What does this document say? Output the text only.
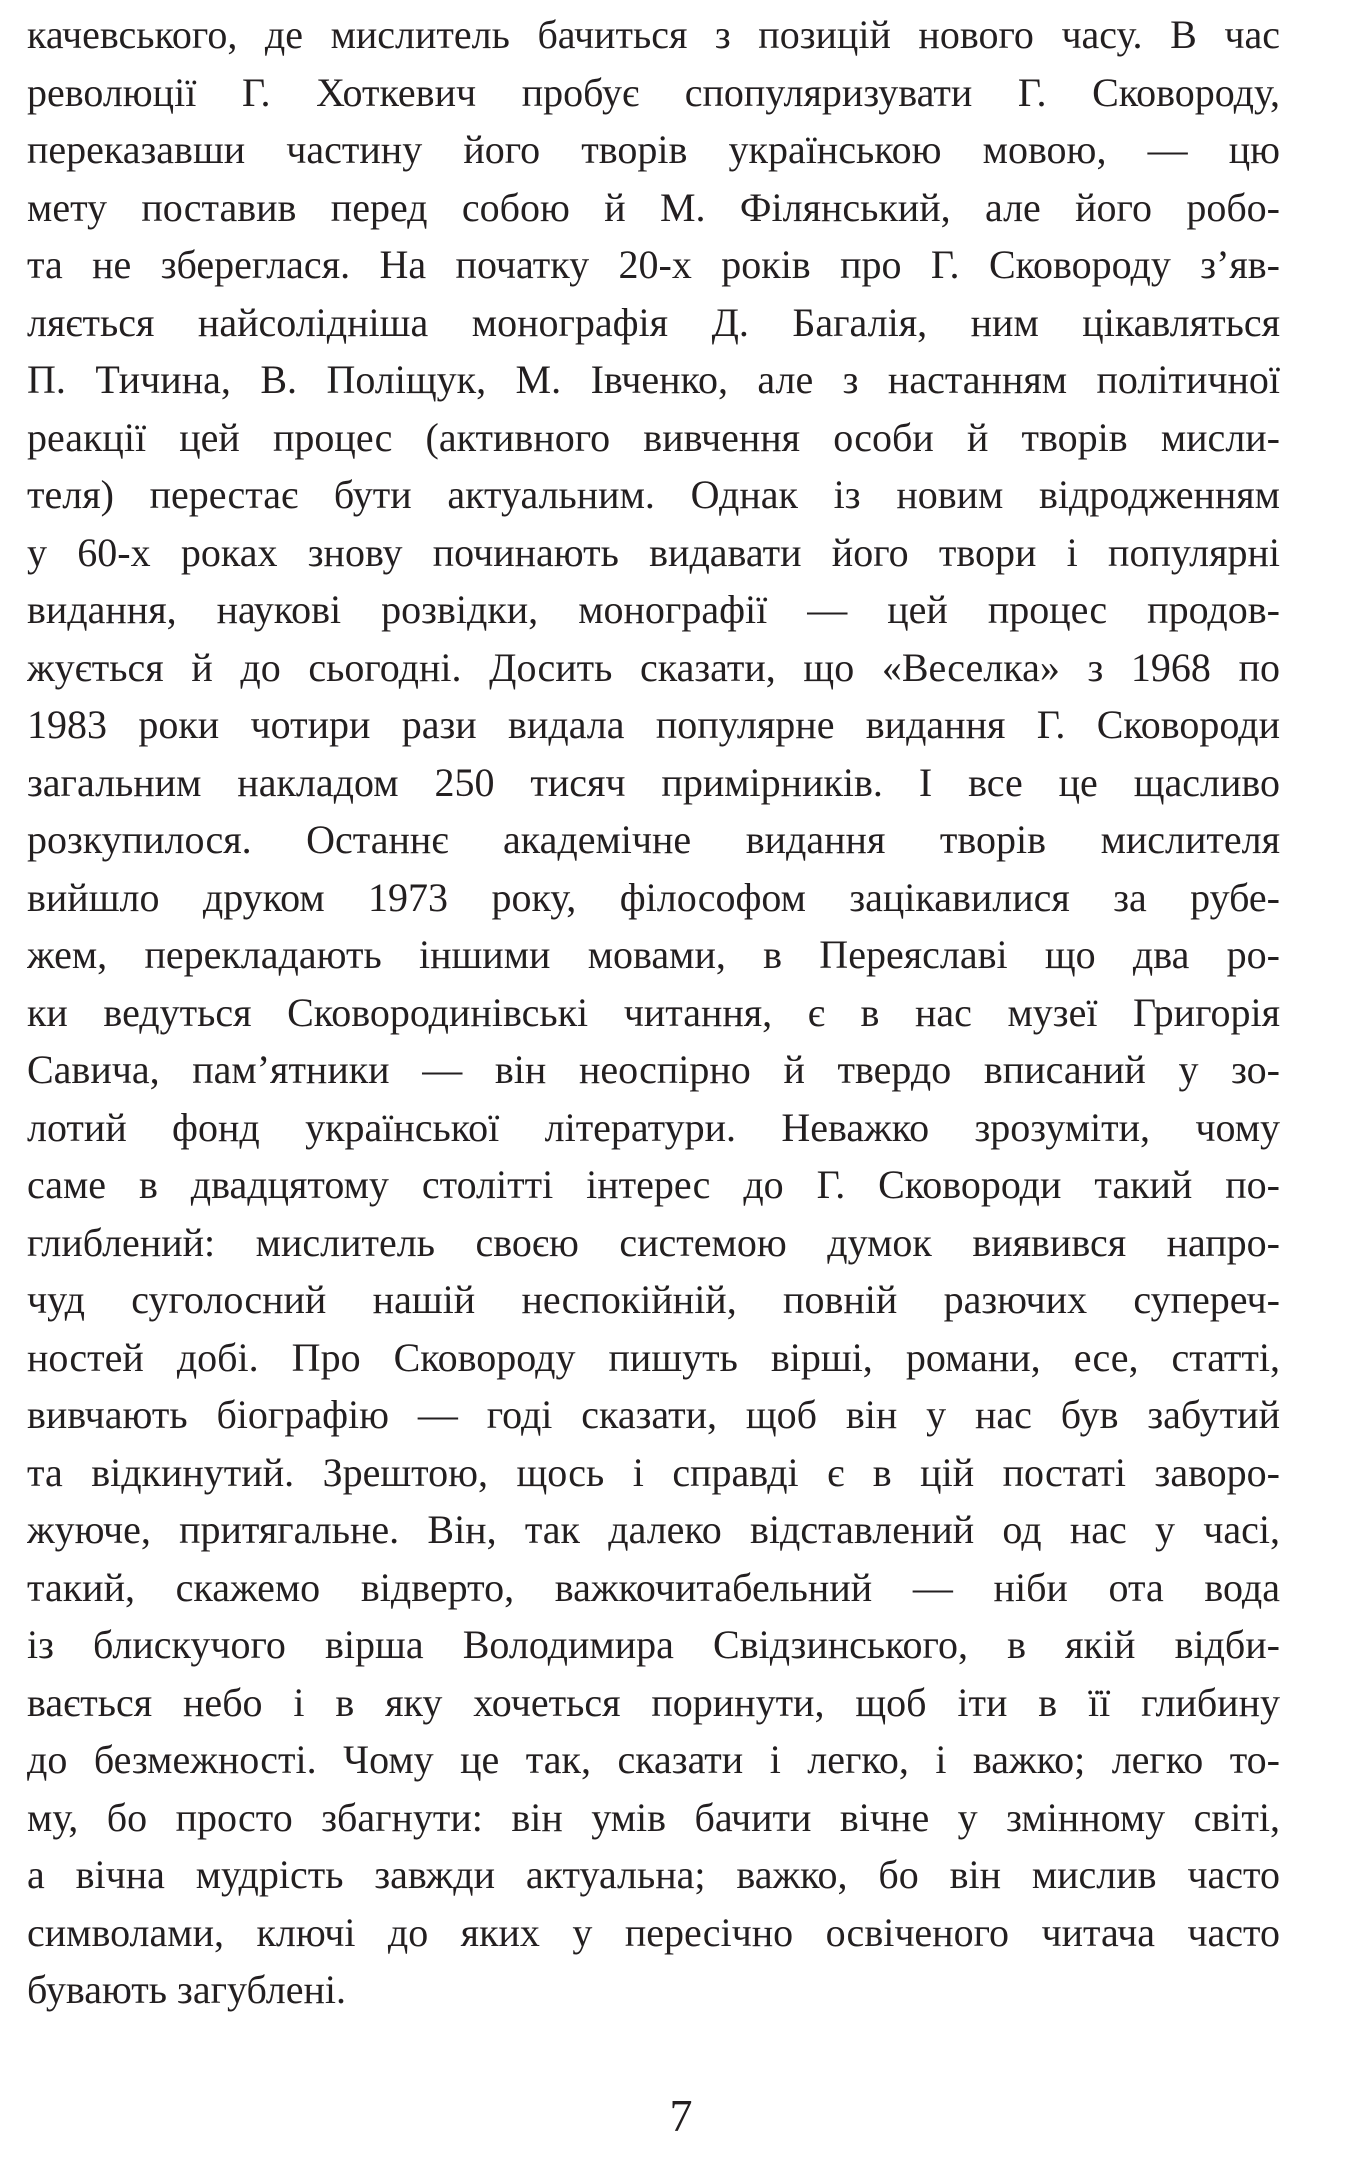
качевського, де мислитель бачиться з позицій нового часу. В час
революції Г. Хоткевич пробує спопуляризувати Г. Сковороду,
переказавши частину його творів українською мовою, — цю
мету поставив перед собою й М. Філянський, але його робо-
та не збереглася. На початку 20-х років про Г. Сковороду з’яв-
ляється найсолідніша монографія Д. Багалія, ним цікавляться
П. Тичина, В. Поліщук, М. Івченко, але з настанням політичної
реакції цей процес (активного вивчення особи й творів мисли-
теля) перестає бути актуальним. Однак із новим відродженням
у 60-х роках знову починають видавати його твори і популярні
видання, наукові розвідки, монографії — цей процес продов-
жується й до сьогодні. Досить сказати, що «Веселка» з 1968 по
1983 роки чотири рази видала популярне видання Г. Сковороди
загальним накладом 250 тисяч примірників. І все це щасливо
розкупилося. Останнє академічне видання творів мислителя
вийшло друком 1973 року, філософом зацікавилися за рубе-
жем, перекладають іншими мовами, в Переяславі що два ро-
ки ведуться Сковородинівські читання, є в нас музеї Григорія
Савича, пам’ятники — він неоспірно й твердо вписаний у зо-
лотий фонд української літератури. Неважко зрозуміти, чому
саме в двадцятому столітті інтерес до Г. Сковороди такий по-
глиблений: мислитель своєю системою думок виявився напро-
чуд суголосний нашій неспокійній, повній разючих супереч-
ностей добі. Про Сковороду пишуть вірші, романи, есе, статті,
вивчають біографію — годі сказати, щоб він у нас був забутий
та відкинутий. Зрештою, щось і справді є в цій постаті заворо-
жуюче, притягальне. Він, так далеко відставлений од нас у часі,
такий, скажемо відверто, важкочитабельний — ніби ота вода
із блискучого вірша Володимира Свідзинського, в якій відби-
вається небо і в яку хочеться поринути, щоб іти в її глибину
до безмежності. Чому це так, сказати і легко, і важко; легко то-
му, бо просто збагнути: він умів бачити вічне у змінному світі,
а вічна мудрість завжди актуальна; важко, бо він мислив часто
символами, ключі до яких у пересічно освіченого читача часто
бувають загублені.
7
